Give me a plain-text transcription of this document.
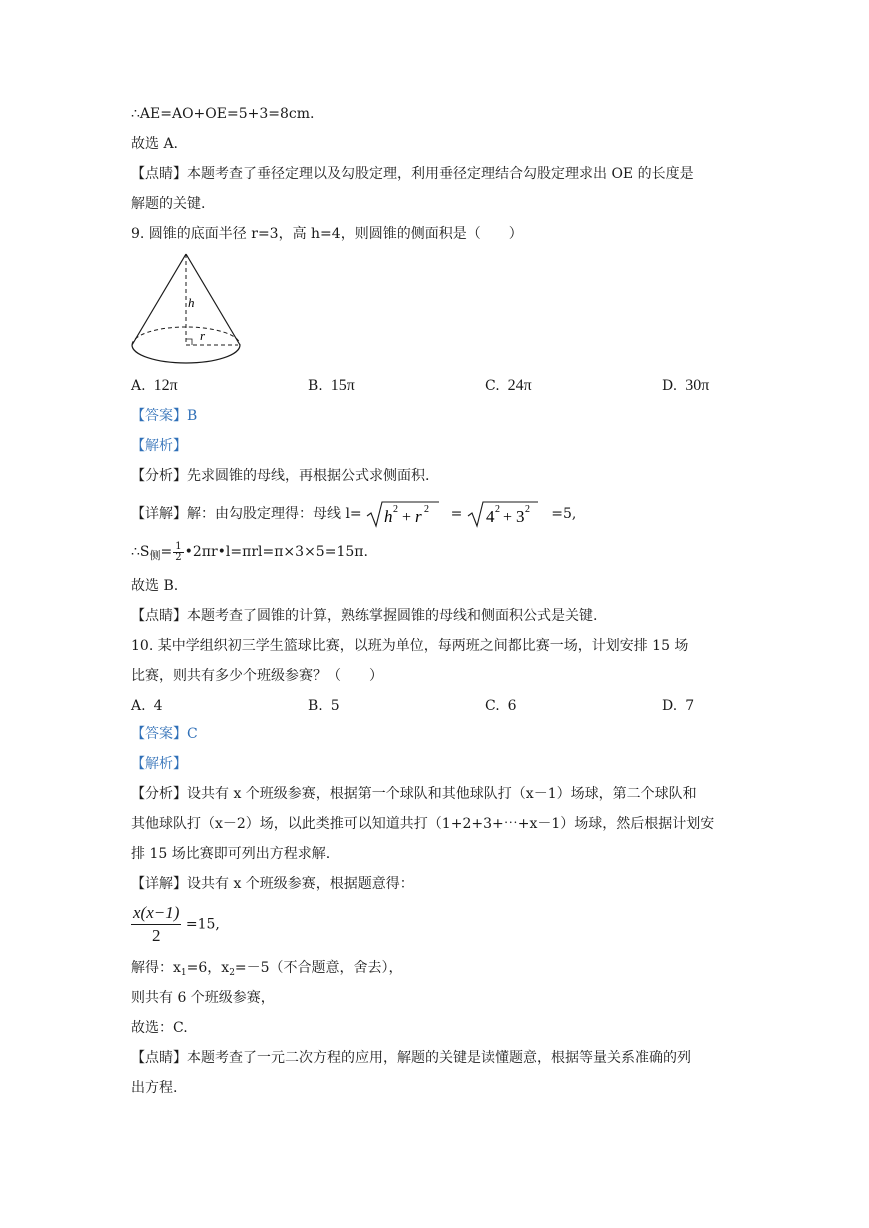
∴AE=AO+OE=5+3=8cm.
故选 A.
【点睛】本题考查了垂径定理以及勾股定理，利用垂径定理结合勾股定理求出 OE 的长度是
解题的关键.
9. 圆锥的底面半径 r=3，高 h=4，则圆锥的侧面积是（　　）
h
r
A. 12π	B. 15π	C. 24π	D. 30π
【答案】B
【解析】
【分析】先求圆锥的母线，再根据公式求侧面积.
【详解】解：由勾股定理得：母线 l= h 2 + r 2 = 4 2 + 3 2 =5,
$\therefore S_侧= \frac{1}{2}$ •2πr•l=πrl=π×3×5=15π.
故选 B.
【点睛】本题考查了圆锥的计算，熟练掌握圆锥的母线和侧面积公式是关键.
10. 某中学组织初三学生篮球比赛，以班为单位，每两班之间都比赛一场，计划安排 15 场
比赛，则共有多少个班级参赛？（　　）
A. 4	B. 5	C. 6	D. 7
【答案】C
【解析】
【分析】设共有 x 个班级参赛，根据第一个球队和其他球队打（x－1）场球，第二个球队和
其他球队打（x－2）场，以此类推可以知道共打（1+2+3+⋯+x－1）场球，然后根据计划安
排 15 场比赛即可列出方程求解.
【详解】设共有 x 个班级参赛，根据题意得：
$\frac{x(x-1)}{2} =15$,
解得：$x_1=6$，$x_2=-5$（不合题意，舍去），
则共有 6 个班级参赛，
故选：C.
【点睛】本题考查了一元二次方程的应用，解题的关键是读懂题意，根据等量关系准确的列
出方程.
